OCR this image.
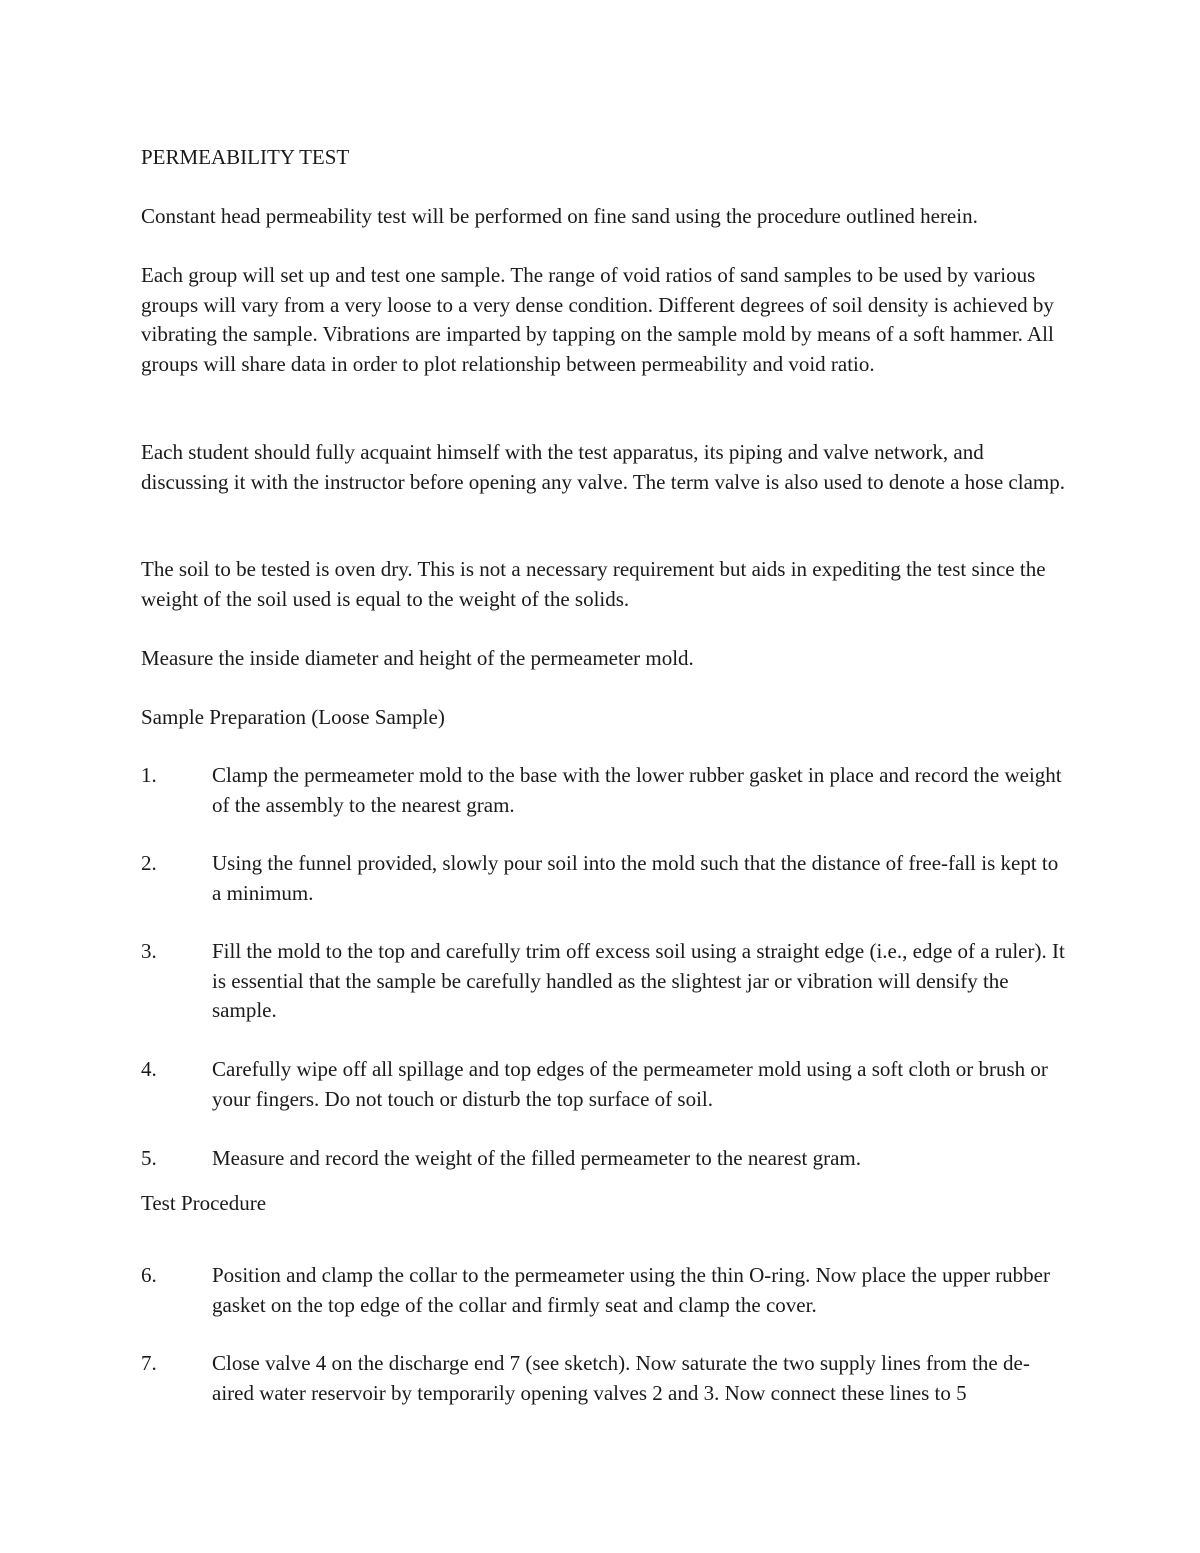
PERMEABILITY TEST

Constant head permeability test will be performed on fine sand using the procedure outlined herein.

Each group will set up and test one sample. The range of void ratios of sand samples to be used by various groups will vary from a very loose to a very dense condition. Different degrees of soil density is achieved by vibrating the sample. Vibrations are imparted by tapping on the sample mold by means of a soft hammer. All groups will share data in order to plot relationship between permeability and void ratio.

Each student should fully acquaint himself with the test apparatus, its piping and valve network, and discussing it with the instructor before opening any valve. The term valve is also used to denote a hose clamp.

The soil to be tested is oven dry. This is not a necessary requirement but aids in expediting the test since the weight of the soil used is equal to the weight of the solids.

Measure the inside diameter and height of the permeameter mold.

Sample Preparation (Loose Sample)

1.	Clamp the permeameter mold to the base with the lower rubber gasket in place and record the weight of the assembly to the nearest gram.
2.	Using the funnel provided, slowly pour soil into the mold such that the distance of free-fall is kept to a minimum.
3.	Fill the mold to the top and carefully trim off excess soil using a straight edge (i.e., edge of a ruler). It is essential that the sample be carefully handled as the slightest jar or vibration will densify the sample.
4.	Carefully wipe off all spillage and top edges of the permeameter mold using a soft cloth or brush or your fingers. Do not touch or disturb the top surface of soil.
5.	Measure and record the weight of the filled permeameter to the nearest gram.

Test Procedure

6.	Position and clamp the collar to the permeameter using the thin O-ring. Now place the upper rubber gasket on the top edge of the collar and firmly seat and clamp the cover.
7.	Close valve 4 on the discharge end 7 (see sketch). Now saturate the two supply lines from the de-aired water reservoir by temporarily opening valves 2 and 3. Now connect these lines to 5
